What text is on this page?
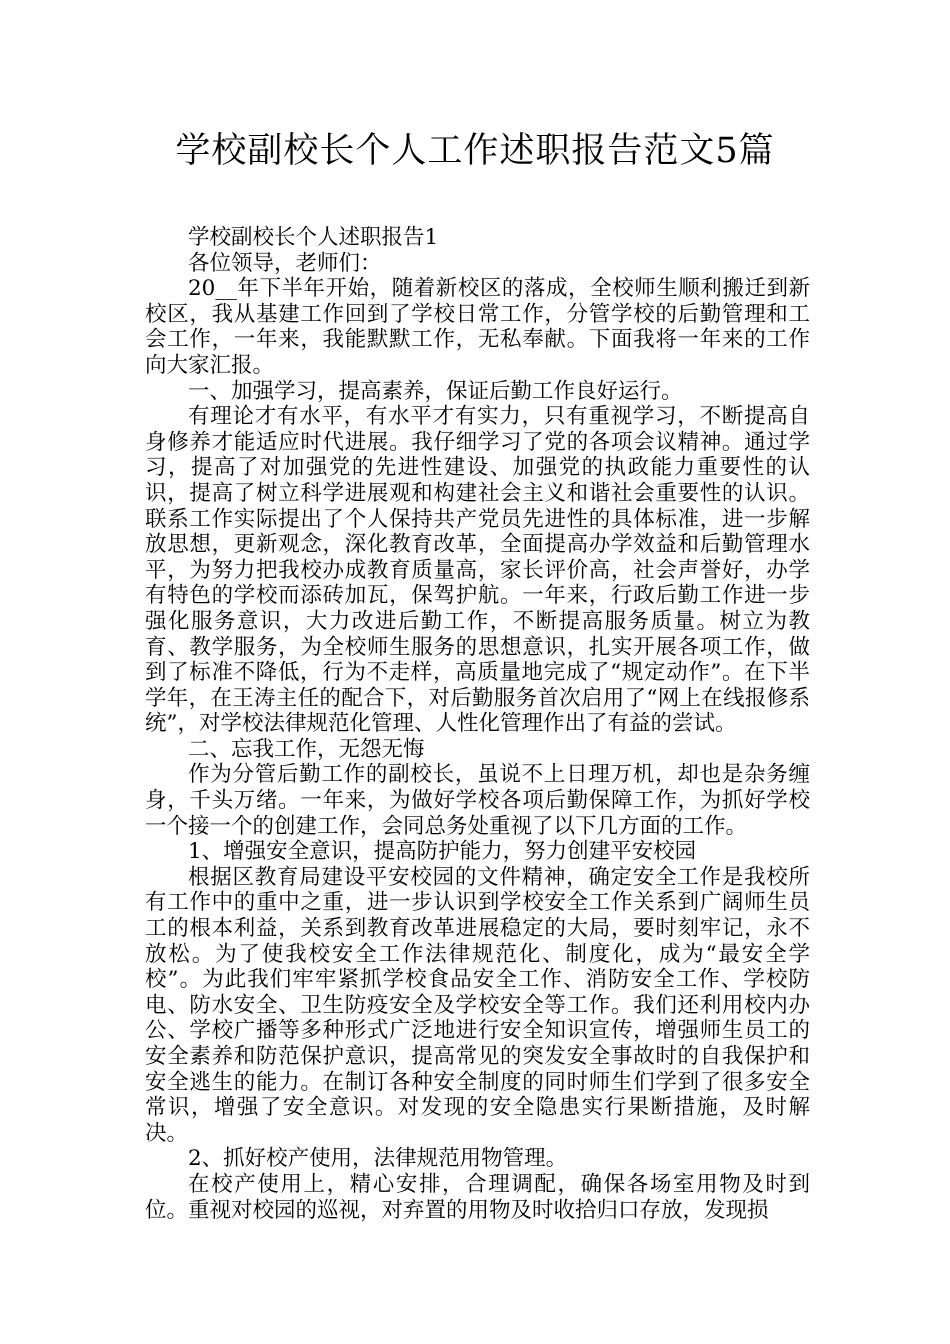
学校副校长个人工作述职报告范文5篇

学校副校长个人述职报告1

各位领导，老师们：

20__年下半年开始，随着新校区的落成，全校师生顺利搬迁到新校区，我从基建工作回到了学校日常工作，分管学校的后勤管理和工会工作，一年来，我能默默工作，无私奉献。下面我将一年来的工作向大家汇报。

一、加强学习，提高素养，保证后勤工作良好运行。

有理论才有水平，有水平才有实力，只有重视学习，不断提高自身修养才能适应时代进展。我仔细学习了党的各项会议精神。通过学习，提高了对加强党的先进性建设、加强党的执政能力重要性的认识，提高了树立科学进展观和构建社会主义和谐社会重要性的认识。联系工作实际提出了个人保持共产党员先进性的具体标准，进一步解放思想，更新观念，深化教育改革，全面提高办学效益和后勤管理水平，为努力把我校办成教育质量高，家长评价高，社会声誉好，办学有特色的学校而添砖加瓦，保驾护航。一年来，行政后勤工作进一步强化服务意识，大力改进后勤工作，不断提高服务质量。树立为教育、教学服务，为全校师生服务的思想意识，扎实开展各项工作，做到了标准不降低，行为不走样，高质量地完成了“规定动作”。在下半学年，在王涛主任的配合下，对后勤服务首次启用了“网上在线报修系统”，对学校法律规范化管理、人性化管理作出了有益的尝试。

二、忘我工作，无怨无悔

作为分管后勤工作的副校长，虽说不上日理万机，却也是杂务缠身，千头万绪。一年来，为做好学校各项后勤保障工作，为抓好学校一个接一个的创建工作，会同总务处重视了以下几方面的工作。

1、增强安全意识，提高防护能力，努力创建平安校园

根据区教育局建设平安校园的文件精神，确定安全工作是我校所有工作中的重中之重，进一步认识到学校安全工作关系到广阔师生员工的根本利益，关系到教育改革进展稳定的大局，要时刻牢记，永不放松。为了使我校安全工作法律规范化、制度化，成为“最安全学校”。为此我们牢牢紧抓学校食品安全工作、消防安全工作、学校防电、防水安全、卫生防疫安全及学校安全等工作。我们还利用校内办公、学校广播等多种形式广泛地进行安全知识宣传，增强师生员工的安全素养和防范保护意识，提高常见的突发安全事故时的自我保护和安全逃生的能力。在制订各种安全制度的同时师生们学到了很多安全常识，增强了安全意识。对发现的安全隐患实行果断措施，及时解决。

2、抓好校产使用，法律规范用物管理。

在校产使用上，精心安排，合理调配，确保各场室用物及时到位。重视对校园的巡视，对弃置的用物及时收拾归口存放，发现损
